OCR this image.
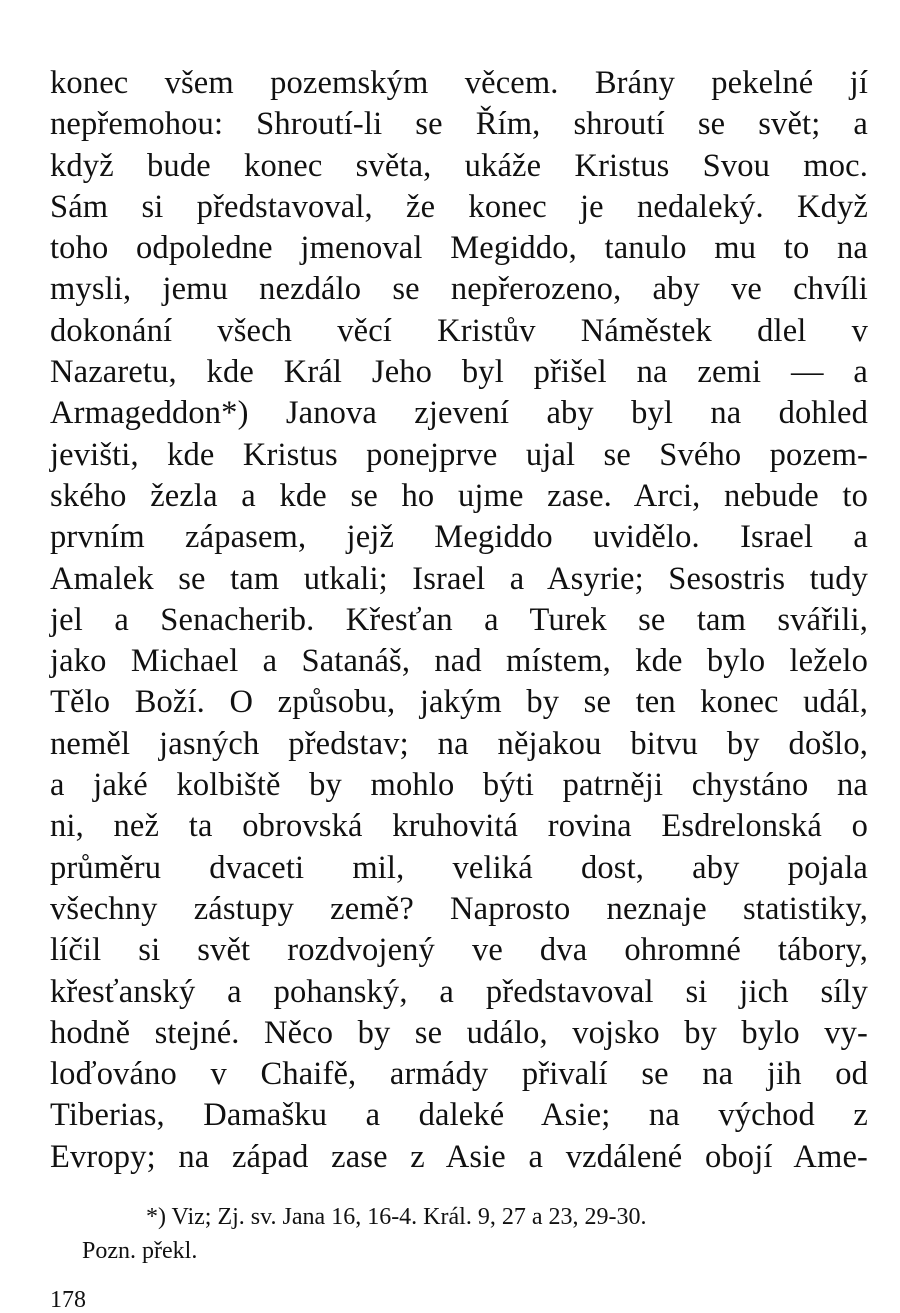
konec všem pozemským věcem. Brány pekelné jí
nepřemohou: Shroutí-li se Řím, shroutí se svět; a
když bude konec světa, ukáže Kristus Svou moc.
Sám si představoval, že konec je nedaleký. Když
toho odpoledne jmenoval Megiddo, tanulo mu to na
mysli, jemu nezdálo se nepřerozeno, aby ve chvíli
dokonání všech věcí Kristův Náměstek dlel v
Nazaretu, kde Král Jeho byl přišel na zemi — a
Armageddon*) Janova zjevení aby byl na dohled
jevišti, kde Kristus ponejprve ujal se Svého pozem-
ského žezla a kde se ho ujme zase. Arci, nebude to
prvním zápasem, jejž Megiddo uvidělo. Israel a
Amalek se tam utkali; Israel a Asyrie; Sesostris tudy
jel a Senacherib. Křesťan a Turek se tam svářili,
jako Michael a Satanáš, nad místem, kde bylo leželo
Tělo Boží. O způsobu, jakým by se ten konec udál,
neměl jasných představ; na nějakou bitvu by došlo,
a jaké kolbiště by mohlo býti patrněji chystáno na
ni, než ta obrovská kruhovitá rovina Esdrelonská o
průměru dvaceti mil, veliká dost, aby pojala
všechny zástupy země? Naprosto neznaje statistiky,
líčil si svět rozdvojený ve dva ohromné tábory,
křesťanský a pohanský, a představoval si jich síly
hodně stejné. Něco by se událo, vojsko by bylo vy-
loďováno v Chaifě, armády přivalí se na jih od
Tiberias, Damašku a daleké Asie; na východ z
Evropy; na západ zase z Asie a vzdálené obojí Ame-
*) Viz; Zj. sv. Jana 16, 16-4. Král. 9, 27 a 23, 29-30.
Pozn. překl.
178
